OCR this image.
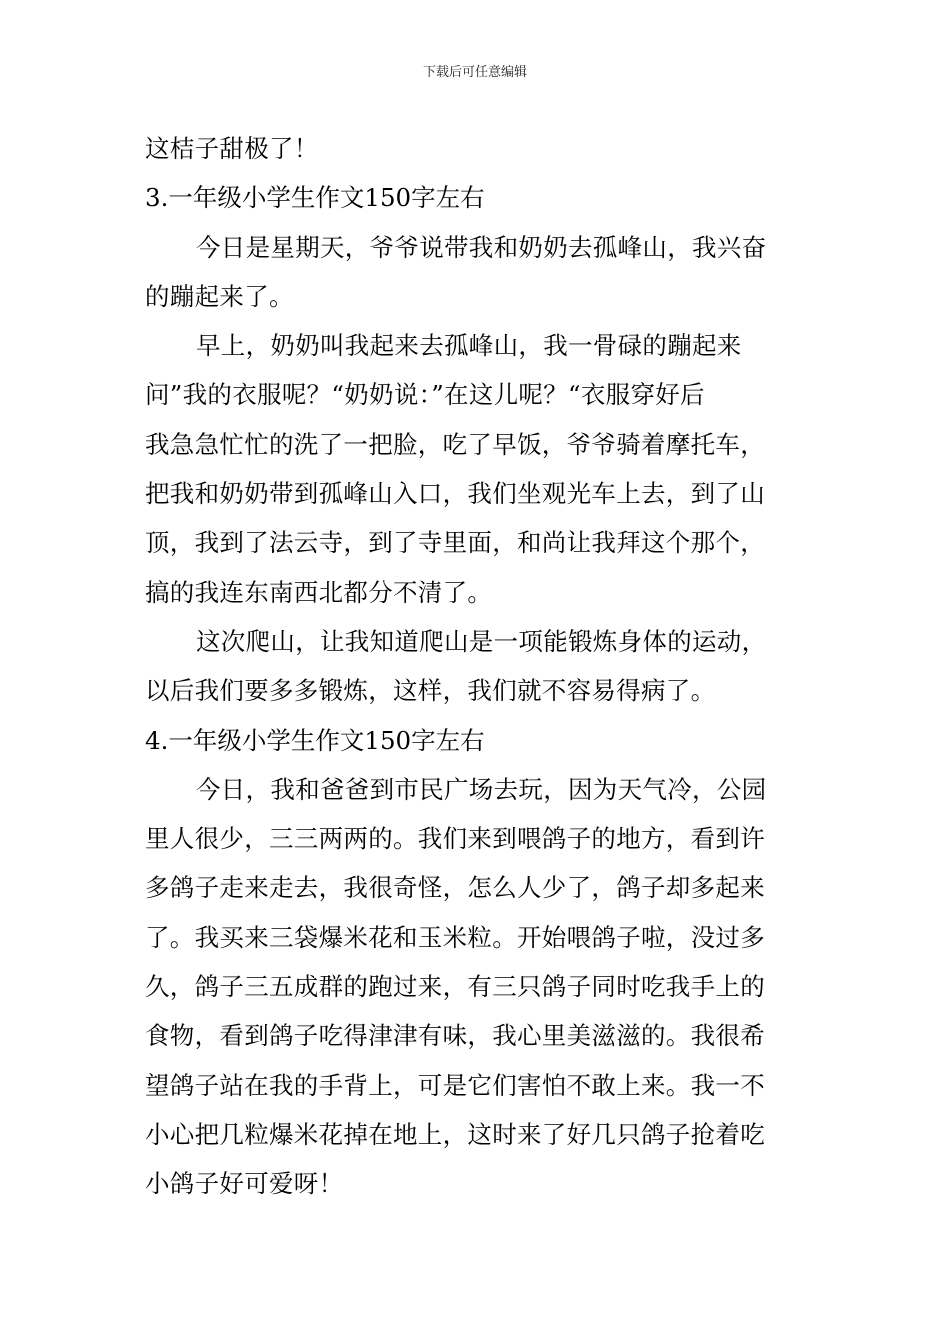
下载后可任意编辑
这桔子甜极了！
3.一年级小学生作文150字左右
今日是星期天，爷爷说带我和奶奶去孤峰山，我兴奋
的蹦起来了。
早上，奶奶叫我起来去孤峰山，我一骨碌的蹦起来
问”我的衣服呢？“奶奶说：”在这儿呢？“衣服穿好后
我急急忙忙的洗了一把脸，吃了早饭，爷爷骑着摩托车，
把我和奶奶带到孤峰山入口，我们坐观光车上去，到了山
顶，我到了法云寺，到了寺里面，和尚让我拜这个那个，
搞的我连东南西北都分不清了。
这次爬山，让我知道爬山是一项能锻炼身体的运动，
以后我们要多多锻炼，这样，我们就不容易得病了。
4.一年级小学生作文150字左右
今日，我和爸爸到市民广场去玩，因为天气冷，公园
里人很少，三三两两的。我们来到喂鸽子的地方，看到许
多鸽子走来走去，我很奇怪，怎么人少了，鸽子却多起来
了。我买来三袋爆米花和玉米粒。开始喂鸽子啦，没过多
久，鸽子三五成群的跑过来，有三只鸽子同时吃我手上的
食物，看到鸽子吃得津津有味，我心里美滋滋的。我很希
望鸽子站在我的手背上，可是它们害怕不敢上来。我一不
小心把几粒爆米花掉在地上，这时来了好几只鸽子抢着吃
小鸽子好可爱呀！
